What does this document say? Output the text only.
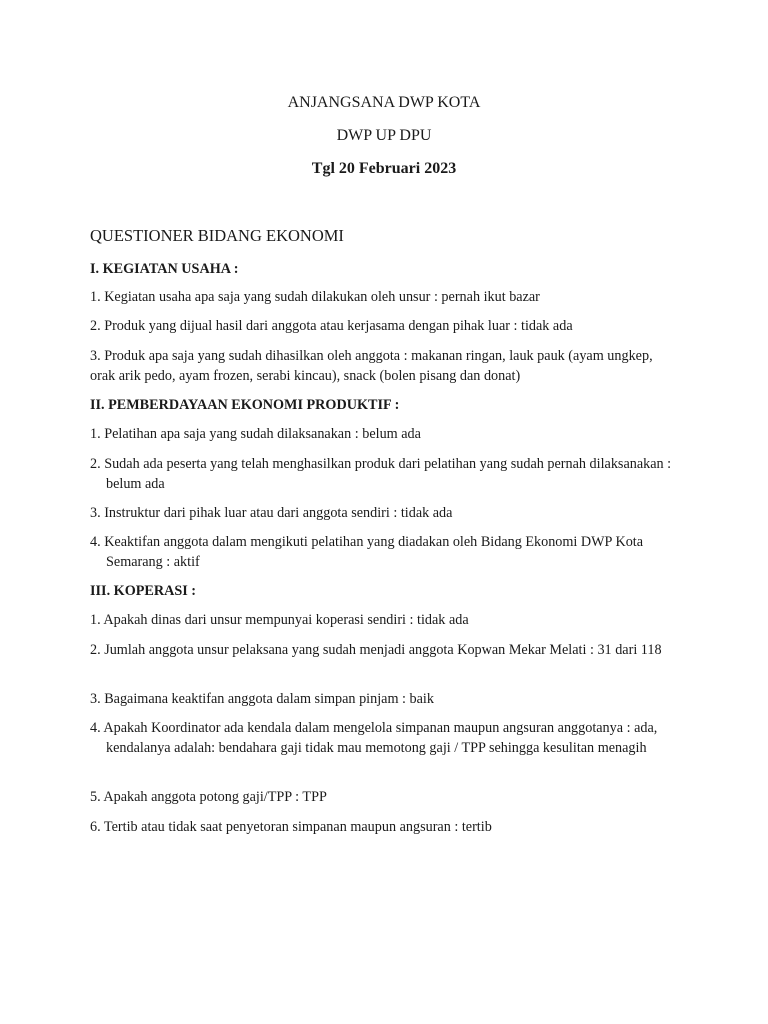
ANJANGSANA DWP KOTA
DWP UP DPU
Tgl 20 Februari 2023
QUESTIONER BIDANG EKONOMI
I. KEGIATAN USAHA :
1. Kegiatan usaha apa saja yang sudah dilakukan oleh unsur : pernah ikut bazar
2. Produk yang dijual hasil dari anggota atau kerjasama dengan pihak luar : tidak ada
3. Produk apa saja yang sudah dihasilkan oleh anggota : makanan ringan, lauk pauk (ayam ungkep, orak arik pedo, ayam frozen, serabi kincau), snack (bolen pisang dan donat)
II. PEMBERDAYAAN EKONOMI PRODUKTIF :
1. Pelatihan apa saja yang sudah dilaksanakan : belum ada
2. Sudah ada peserta yang telah menghasilkan produk dari pelatihan yang sudah pernah dilaksanakan : belum ada
3. Instruktur dari pihak luar atau dari anggota sendiri : tidak ada
4. Keaktifan anggota dalam mengikuti pelatihan yang diadakan oleh Bidang Ekonomi DWP Kota Semarang : aktif
III. KOPERASI :
1. Apakah dinas dari unsur mempunyai koperasi sendiri : tidak ada
2. Jumlah anggota unsur pelaksana yang sudah menjadi anggota Kopwan Mekar Melati : 31 dari 118
3. Bagaimana keaktifan anggota dalam simpan pinjam : baik
4. Apakah Koordinator ada kendala dalam mengelola simpanan maupun angsuran anggotanya : ada, kendalanya adalah: bendahara gaji tidak mau memotong gaji / TPP sehingga kesulitan menagih
5. Apakah anggota potong gaji/TPP : TPP
6. Tertib atau tidak saat penyetoran simpanan maupun angsuran : tertib
